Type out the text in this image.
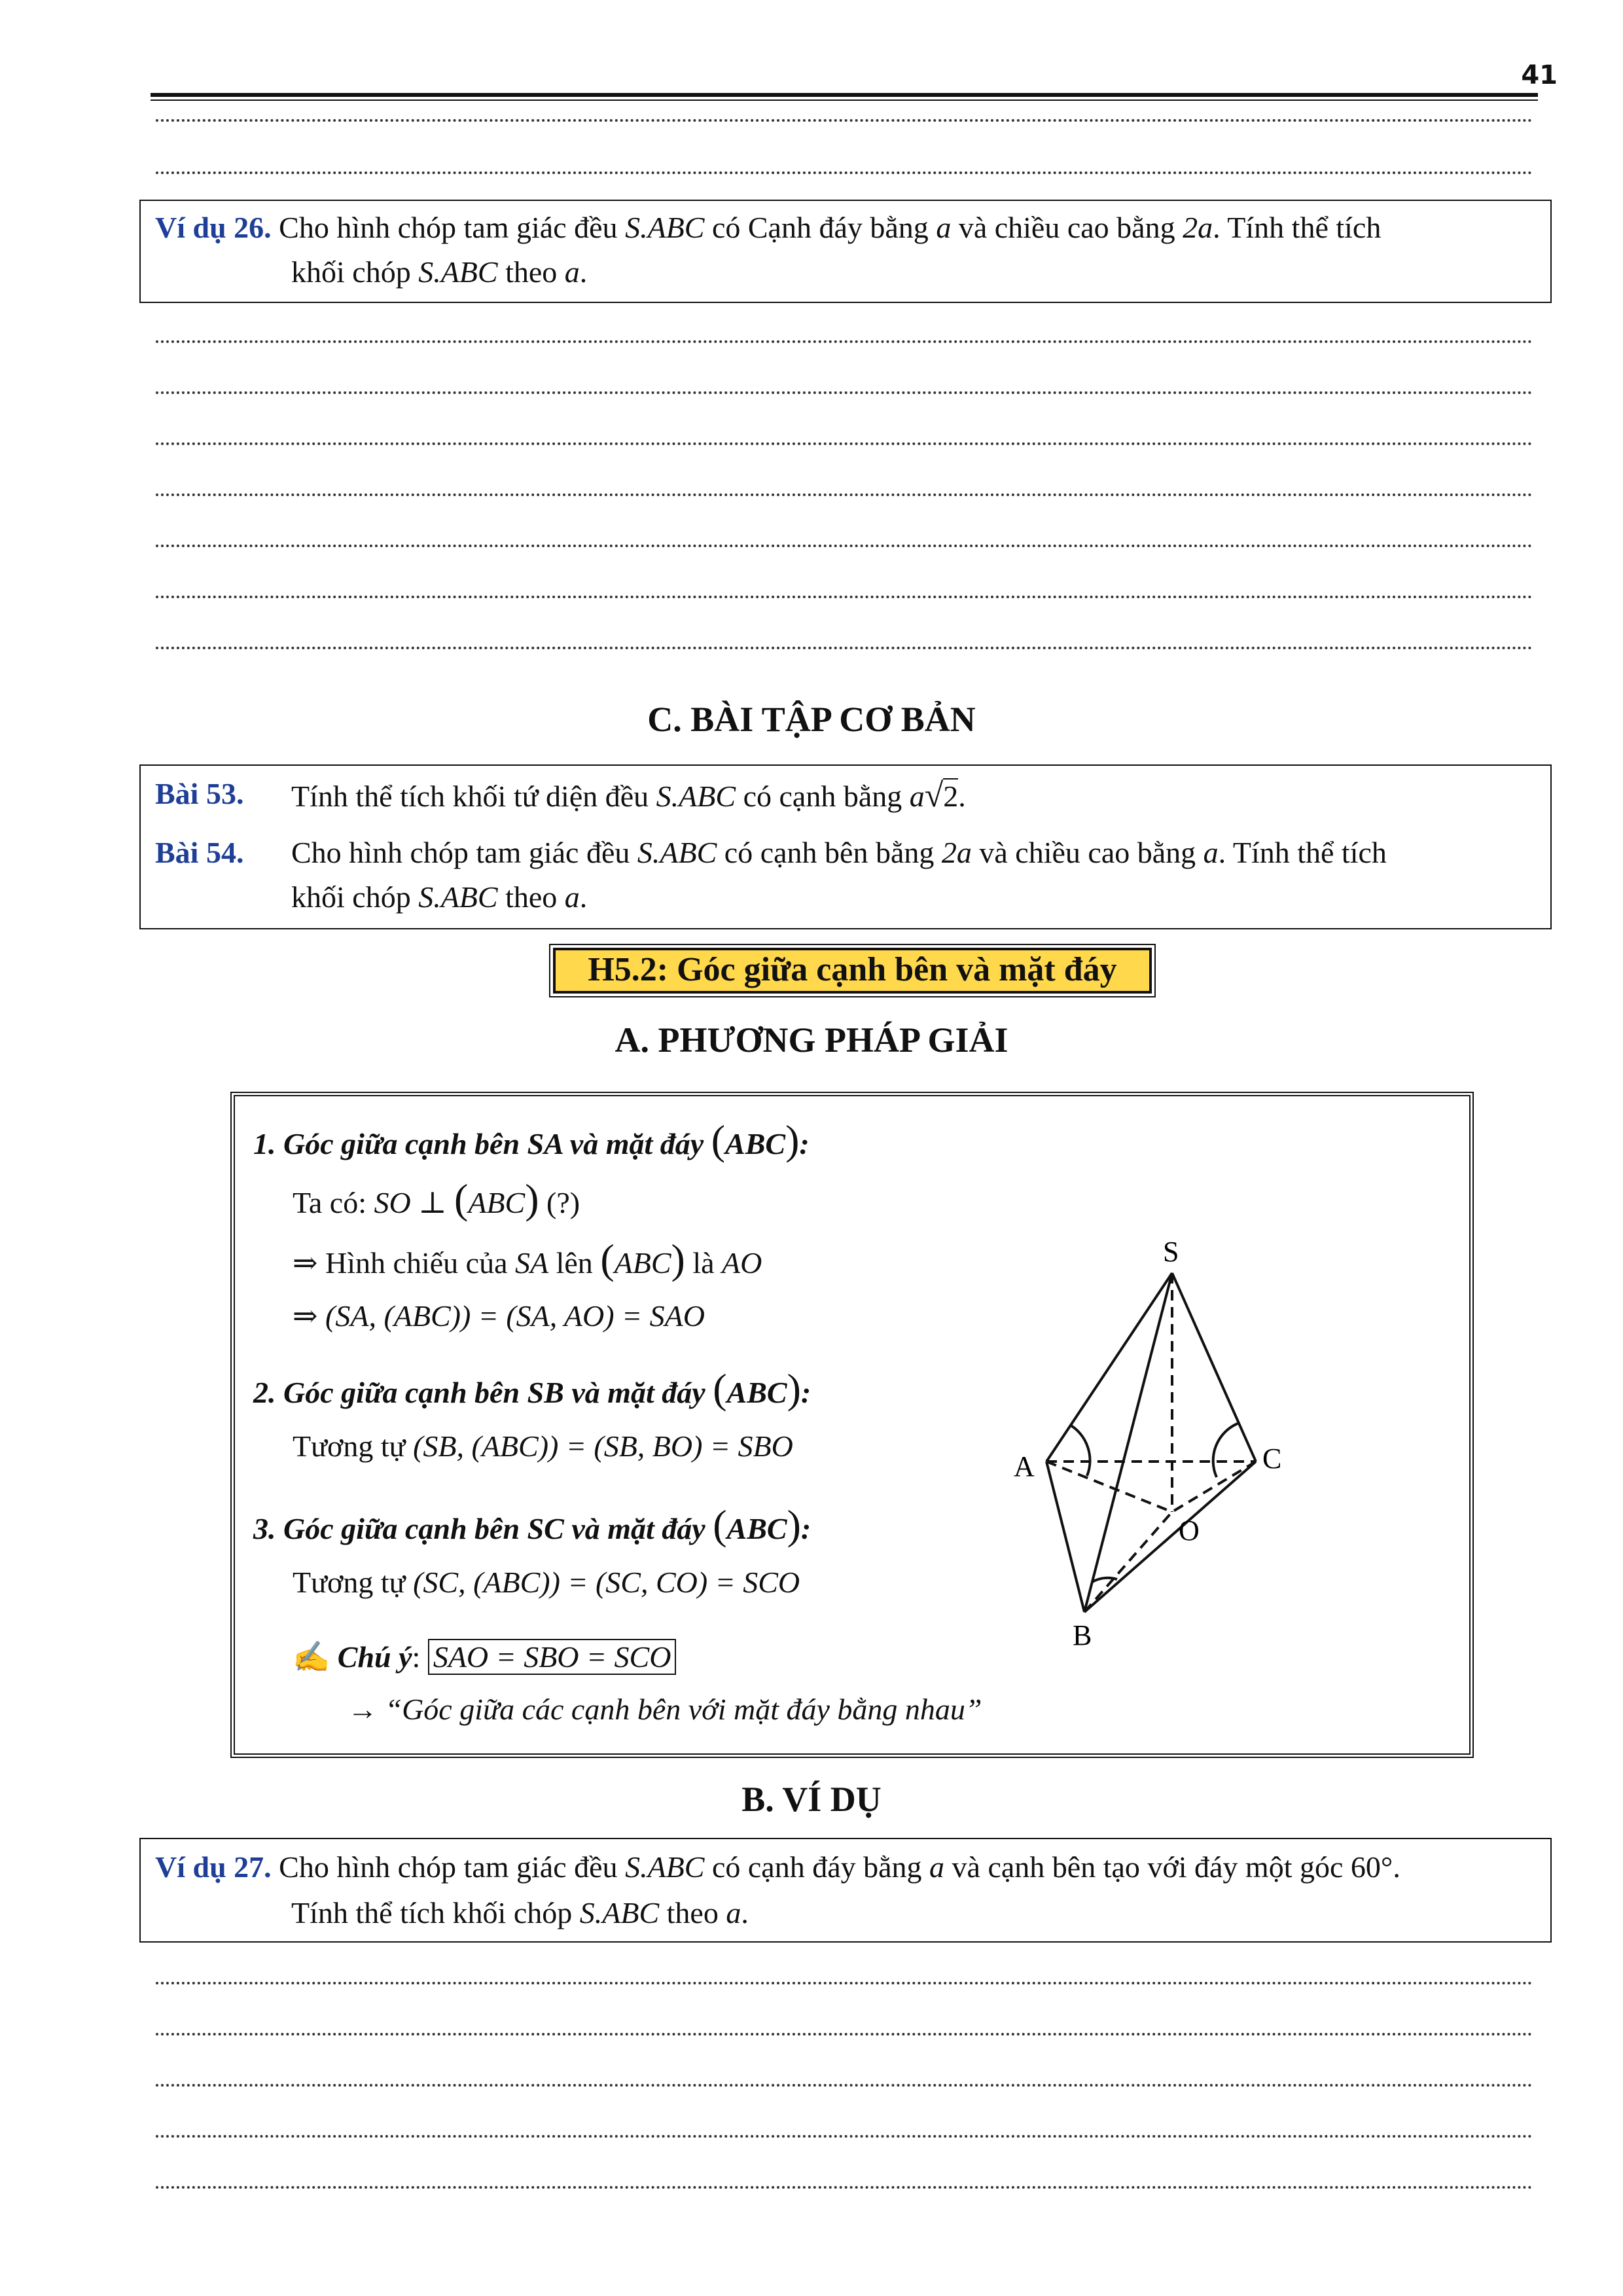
41
Ví dụ 26. Cho hình chóp tam giác đều S.ABC có Cạnh đáy bằng a và chiều cao bằng 2a. Tính thể tích
khối chóp S.ABC theo a.
C. BÀI TẬP CƠ BẢN
Bài 53. Tính thể tích khối tứ diện đều S.ABC có cạnh bằng a√2.
Bài 54. Cho hình chóp tam giác đều S.ABC có cạnh bên bằng 2a và chiều cao bằng a. Tính thể tích
khối chóp S.ABC theo a.
H5.2: Góc giữa cạnh bên và mặt đáy
A. PHƯƠNG PHÁP GIẢI
1. Góc giữa cạnh bên SA và mặt đáy (ABC):
Ta có: SO ⊥ (ABC) (?)
⇒ Hình chiếu của SA lên (ABC) là AO
⇒ (SA, (ABC)) = (SA, AO) = SAO
2. Góc giữa cạnh bên SB và mặt đáy (ABC):
Tương tự (SB, (ABC)) = (SB, BO) = SBO
3. Góc giữa cạnh bên SC và mặt đáy (ABC):
Tương tự (SC, (ABC)) = (SC, CO) = SCO
✍ Chú ý: SAO = SBO = SCO
→ “Góc giữa các cạnh bên với mặt đáy bằng nhau”
S
A	C
B
O
B. VÍ DỤ
Ví dụ 27. Cho hình chóp tam giác đều S.ABC có cạnh đáy bằng a và cạnh bên tạo với đáy một góc 60°.
Tính thể tích khối chóp S.ABC theo a.
